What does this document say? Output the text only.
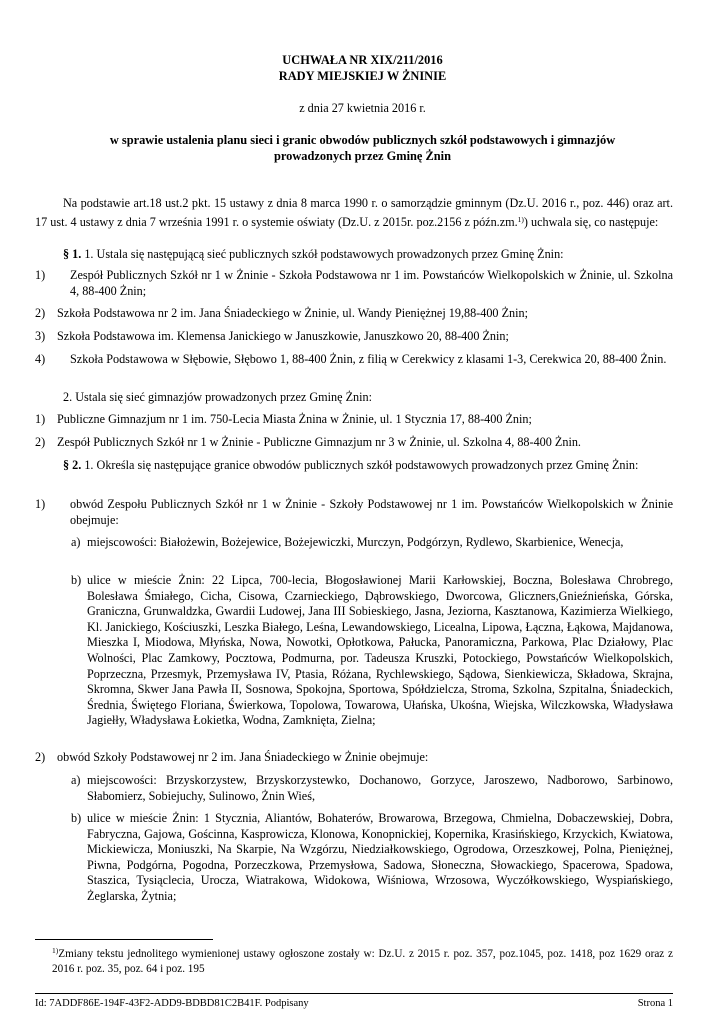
UCHWAŁA NR XIX/211/2016
RADY MIEJSKIEJ W ŻNINIE
z dnia 27 kwietnia 2016 r.
w sprawie ustalenia planu sieci i granic obwodów publicznych szkół podstawowych i gimnazjów
prowadzonych przez Gminę Żnin
Na podstawie art.18 ust.2 pkt. 15 ustawy z dnia 8 marca 1990 r. o samorządzie gminnym (Dz.U. 2016 r., poz. 446) oraz art. 17 ust. 4 ustawy z dnia 7 września 1991 r. o systemie oświaty (Dz.U. z 2015r. poz.2156 z późn.zm.$^{1)}$) uchwala się, co następuje:
§ 1. 1. Ustala się następującą sieć publicznych szkół podstawowych prowadzonych przez Gminę Żnin:
1)	Zespół Publicznych Szkół nr 1 w Żninie - Szkoła Podstawowa nr 1 im. Powstańców Wielkopolskich w Żninie, ul. Szkolna 4, 88-400 Żnin;
2) Szkoła Podstawowa nr 2 im. Jana Śniadeckiego w Żninie, ul. Wandy Pieniężnej 19,88-400 Żnin;
3) Szkoła Podstawowa im. Klemensa Janickiego w Januszkowie, Januszkowo 20, 88-400 Żnin;
4)	Szkoła Podstawowa w Słębowie, Słębowo 1, 88-400 Żnin, z filią w Cerekwicy z klasami 1-3, Cerekwica 20, 88-400 Żnin.
2. Ustala się sieć gimnazjów prowadzonych przez Gminę Żnin:
1) Publiczne Gimnazjum nr 1 im. 750-Lecia Miasta Żnina w Żninie, ul. 1 Stycznia 17, 88-400 Żnin;
2) Zespół Publicznych Szkół nr 1 w Żninie - Publiczne Gimnazjum nr 3 w Żninie, ul. Szkolna 4, 88-400 Żnin.
§ 2. 1. Określa się następujące granice obwodów publicznych szkół podstawowych prowadzonych przez Gminę Żnin:
1)	obwód Zespołu Publicznych Szkół nr 1 w Żninie - Szkoły Podstawowej nr 1 im. Powstańców Wielkopolskich w Żninie obejmuje:
a) miejscowości: Białożewin, Bożejewice, Bożejewiczki, Murczyn, Podgórzyn, Rydlewo, Skarbienice, Wenecja,
b) ulice w mieście Żnin: 22 Lipca, 700-lecia, Błogosławionej Marii Karłowskiej, Boczna, Bolesława Chrobrego, Bolesława Śmiałego, Cicha, Cisowa, Czarnieckiego, Dąbrowskiego, Dworcowa, Gliczners,Gnieźnieńska, Górska, Graniczna, Grunwaldzka, Gwardii Ludowej, Jana III Sobieskiego, Jasna, Jeziorna, Kasztanowa, Kazimierza Wielkiego, Kl. Janickiego, Kościuszki, Leszka Białego, Leśna, Lewandowskiego, Licealna, Lipowa, Łączna, Łąkowa, Majdanowa, Mieszka I, Miodowa, Młyńska, Nowa, Nowotki, Opłotkowa, Pałucka, Panoramiczna, Parkowa, Plac Działowy, Plac Wolności, Plac Zamkowy, Pocztowa, Podmurna, por. Tadeusza Kruszki, Potockiego, Powstańców Wielkopolskich, Poprzeczna, Przesmyk, Przemysława IV, Ptasia, Różana, Rychlewskiego, Sądowa, Sienkiewicza, Składowa, Skrajna, Skromna, Skwer Jana Pawła II, Sosnowa, Spokojna, Sportowa, Spółdzielcza, Stroma, Szkolna, Szpitalna, Śniadeckich, Średnia, Świętego Floriana, Świerkowa, Topolowa, Towarowa, Ułańska, Ukośna, Wiejska, Wilczkowska, Władysława Jagiełły, Władysława Łokietka, Wodna, Zamknięta, Zielna;
2) obwód Szkoły Podstawowej nr 2 im. Jana Śniadeckiego w Żninie obejmuje:
a) miejscowości: Brzyskorzystew, Brzyskorzystewko, Dochanowo, Gorzyce, Jaroszewo, Nadborowo, Sarbinowo, Słabomierz, Sobiejuchy, Sulinowo, Żnin Wieś,
b) ulice w mieście Żnin: 1 Stycznia, Aliantów, Bohaterów, Browarowa, Brzegowa, Chmielna, Dobaczewskiej, Dobra, Fabryczna, Gajowa, Gościnna, Kasprowicza, Klonowa, Konopnickiej, Kopernika, Krasińskiego, Krzyckich, Kwiatowa, Mickiewicza, Moniuszki, Na Skarpie, Na Wzgórzu, Niedziałkowskiego, Ogrodowa, Orzeszkowej, Polna, Pieniężnej, Piwna, Podgórna, Pogodna, Porzeczkowa, Przemysłowa, Sadowa, Słoneczna, Słowackiego, Spacerowa, Spadowa, Staszica, Tysiąclecia, Urocza, Wiatrakowa, Widokowa, Wiśniowa, Wrzosowa, Wyczółkowskiego, Wyspiańskiego, Żeglarska, Żytnia;
$^{1)}$Zmiany tekstu jednolitego wymienionej ustawy ogłoszone zostały w: Dz.U. z 2015 r. poz. 357, poz.1045, poz. 1418, poz 1629 oraz z 2016 r. poz. 35, poz. 64 i poz. 195
Id: 7ADDF86E-194F-43F2-ADD9-BDBD81C2B41F. Podpisany	Strona 1
